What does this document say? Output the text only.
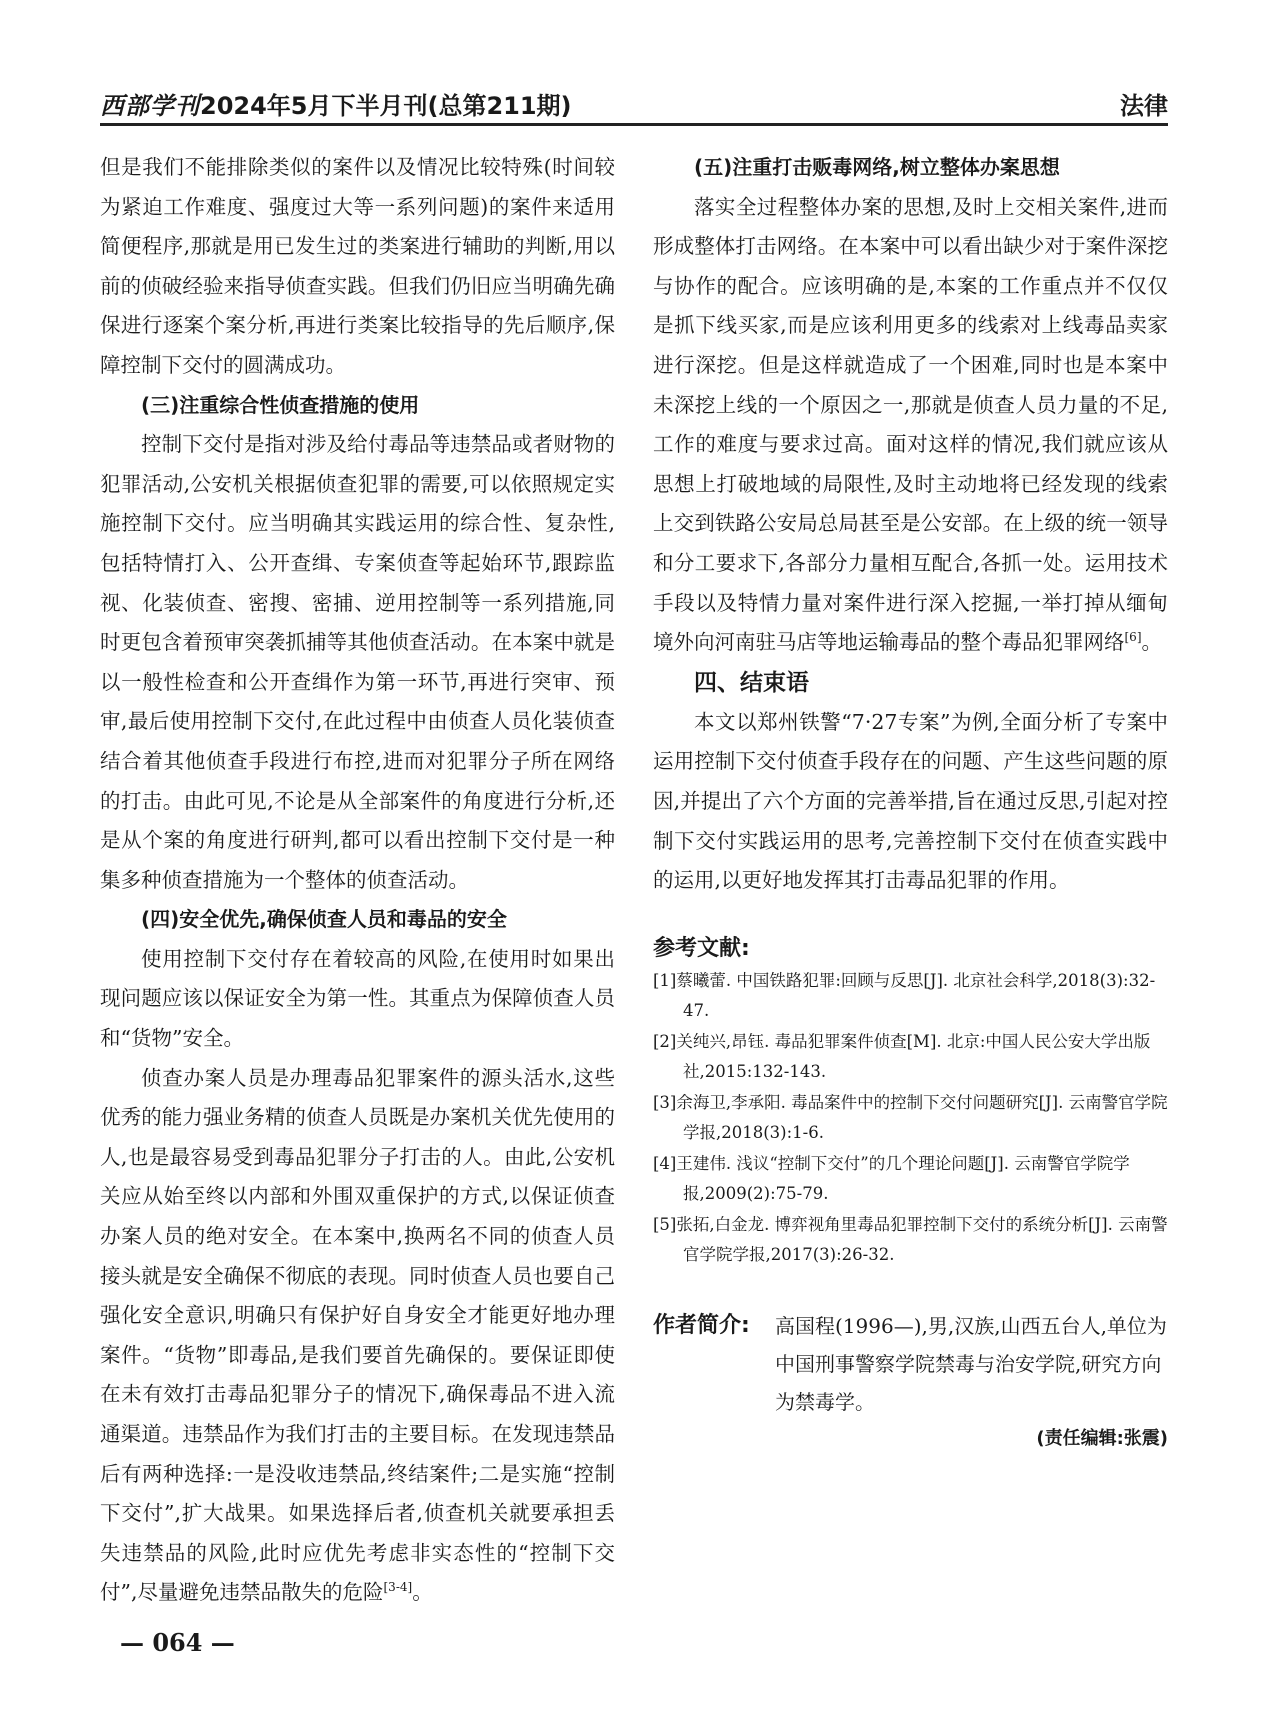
西部学刊2024年5月下半月刊(总第211期)	法律

但是我们不能排除类似的案件以及情况比较特殊(时间较为紧迫工作难度、强度过大等一系列问题)的案件来适用简便程序,那就是用已发生过的类案进行辅助的判断,用以前的侦破经验来指导侦查实践。但我们仍旧应当明确先确保进行逐案个案分析,再进行类案比较指导的先后顺序,保障控制下交付的圆满成功。

(三)注重综合性侦查措施的使用

控制下交付是指对涉及给付毒品等违禁品或者财物的犯罪活动,公安机关根据侦查犯罪的需要,可以依照规定实施控制下交付。应当明确其实践运用的综合性、复杂性,包括特情打入、公开查缉、专案侦查等起始环节,跟踪监视、化装侦查、密搜、密捕、逆用控制等一系列措施,同时更包含着预审突袭抓捕等其他侦查活动。在本案中就是以一般性检查和公开查缉作为第一环节,再进行突审、预审,最后使用控制下交付,在此过程中由侦查人员化装侦查结合着其他侦查手段进行布控,进而对犯罪分子所在网络的打击。由此可见,不论是从全部案件的角度进行分析,还是从个案的角度进行研判,都可以看出控制下交付是一种集多种侦查措施为一个整体的侦查活动。

(四)安全优先,确保侦查人员和毒品的安全

使用控制下交付存在着较高的风险,在使用时如果出现问题应该以保证安全为第一性。其重点为保障侦查人员和“货物”安全。

侦查办案人员是办理毒品犯罪案件的源头活水,这些优秀的能力强业务精的侦查人员既是办案机关优先使用的人,也是最容易受到毒品犯罪分子打击的人。由此,公安机关应从始至终以内部和外围双重保护的方式,以保证侦查办案人员的绝对安全。在本案中,换两名不同的侦查人员接头就是安全确保不彻底的表现。同时侦查人员也要自己强化安全意识,明确只有保护好自身安全才能更好地办理案件。“货物”即毒品,是我们要首先确保的。要保证即使在未有效打击毒品犯罪分子的情况下,确保毒品不进入流通渠道。违禁品作为我们打击的主要目标。在发现违禁品后有两种选择:一是没收违禁品,终结案件;二是实施“控制下交付”,扩大战果。如果选择后者,侦查机关就要承担丢失违禁品的风险,此时应优先考虑非实态性的“控制下交付”,尽量避免违禁品散失的危险[3-4]。

(五)注重打击贩毒网络,树立整体办案思想

落实全过程整体办案的思想,及时上交相关案件,进而形成整体打击网络。在本案中可以看出缺少对于案件深挖与协作的配合。应该明确的是,本案的工作重点并不仅仅是抓下线买家,而是应该利用更多的线索对上线毒品卖家进行深挖。但是这样就造成了一个困难,同时也是本案中未深挖上线的一个原因之一,那就是侦查人员力量的不足,工作的难度与要求过高。面对这样的情况,我们就应该从思想上打破地域的局限性,及时主动地将已经发现的线索上交到铁路公安局总局甚至是公安部。在上级的统一领导和分工要求下,各部分力量相互配合,各抓一处。运用技术手段以及特情力量对案件进行深入挖掘,一举打掉从缅甸境外向河南驻马店等地运输毒品的整个毒品犯罪网络[6]。

四、结束语

本文以郑州铁警“7·27专案”为例,全面分析了专案中运用控制下交付侦查手段存在的问题、产生这些问题的原因,并提出了六个方面的完善举措,旨在通过反思,引起对控制下交付实践运用的思考,完善控制下交付在侦查实践中的运用,以更好地发挥其打击毒品犯罪的作用。

参考文献:
[1]蔡曦蕾. 中国铁路犯罪:回顾与反思[J]. 北京社会科学,2018(3):32-47.
[2]关纯兴,昂钰. 毒品犯罪案件侦查[M]. 北京:中国人民公安大学出版社,2015:132-143.
[3]余海卫,李承阳. 毒品案件中的控制下交付问题研究[J]. 云南警官学院学报,2018(3):1-6.
[4]王建伟. 浅议“控制下交付”的几个理论问题[J]. 云南警官学院学报,2009(2):75-79.
[5]张拓,白金龙. 博弈视角里毒品犯罪控制下交付的系统分析[J]. 云南警官学院学报,2017(3):26-32.
作者简介: 高国程(1996—),男,汉族,山西五台人,单位为中国刑事警察学院禁毒与治安学院,研究方向为禁毒学。
(责任编辑:张震)
— 064 —
